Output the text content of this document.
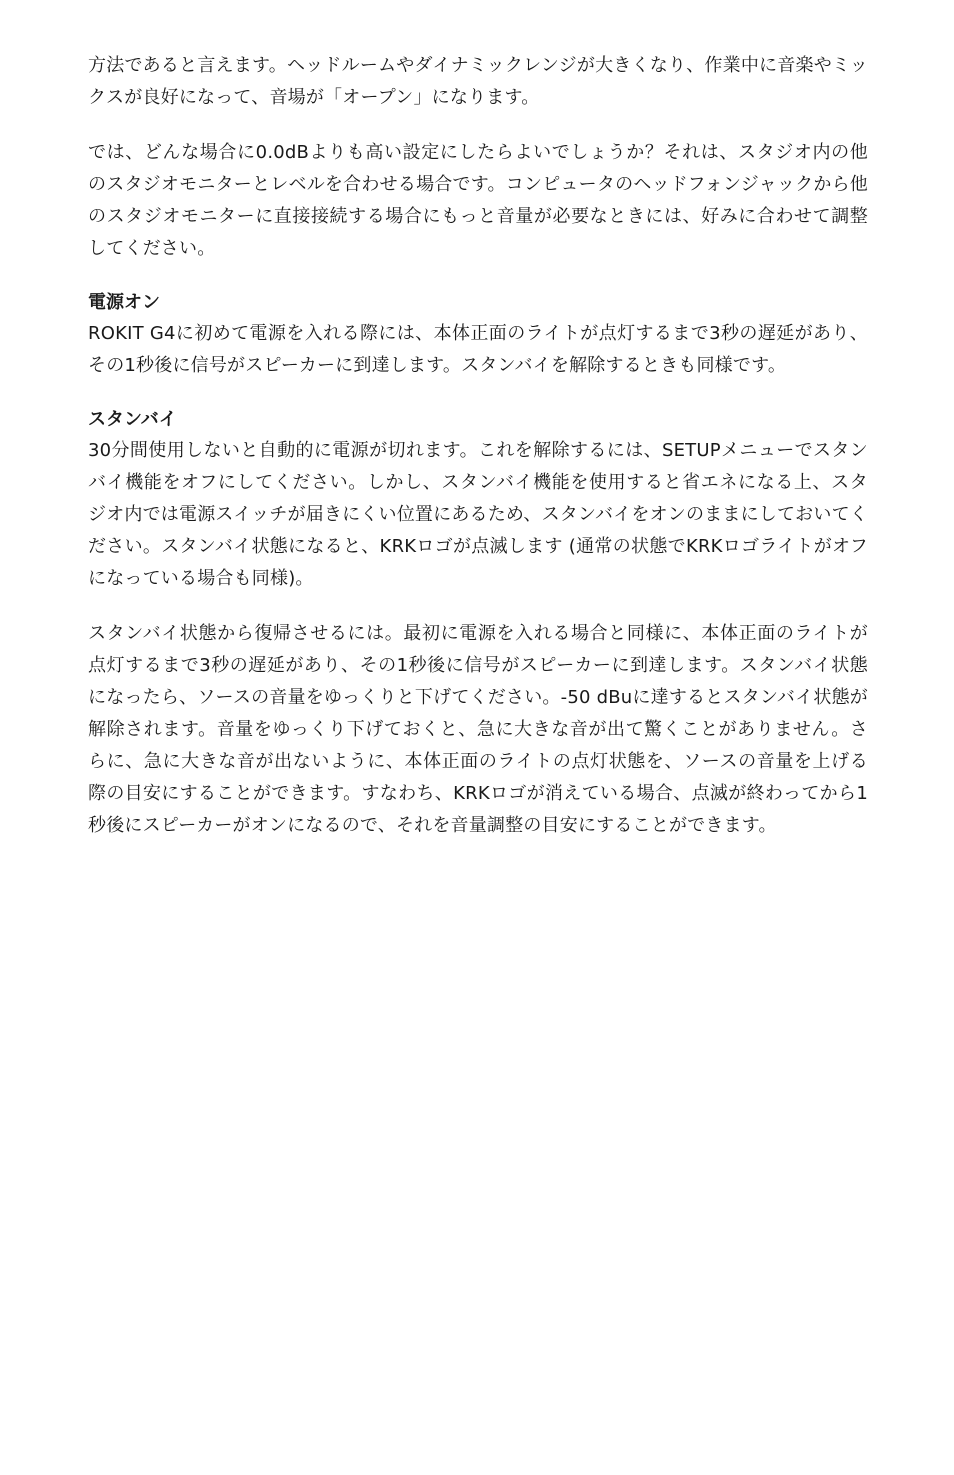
方法であると言えます。ヘッドルームやダイナミックレンジが大きくなり、作業中に音楽やミックスが良好になって、音場が「オープン」になります。

では、どんな場合に0.0dBよりも高い設定にしたらよいでしょうか？それは、スタジオ内の他のスタジオモニターとレベルを合わせる場合です。コンピュータのヘッドフォンジャックから他のスタジオモニターに直接接続する場合にもっと音量が必要なときには、好みに合わせて調整してください。

電源オン

ROKIT G4に初めて電源を入れる際には、本体正面のライトが点灯するまで3秒の遅延があり、その1秒後に信号がスピーカーに到達します。スタンバイを解除するときも同様です。

スタンバイ

30分間使用しないと自動的に電源が切れます。これを解除するには、SETUPメニューでスタンバイ機能をオフにしてください。しかし、スタンバイ機能を使用すると省エネになる上、スタジオ内では電源スイッチが届きにくい位置にあるため、スタンバイをオンのままにしておいてください。スタンバイ状態になると、KRKロゴが点滅します (通常の状態でKRKロゴライトがオフになっている場合も同様)。

スタンバイ状態から復帰させるには。最初に電源を入れる場合と同様に、本体正面のライトが点灯するまで3秒の遅延があり、その1秒後に信号がスピーカーに到達します。スタンバイ状態になったら、ソースの音量をゆっくりと下げてください。-50 dBuに達するとスタンバイ状態が解除されます。音量をゆっくり下げておくと、急に大きな音が出て驚くことがありません。さらに、急に大きな音が出ないように、本体正面のライトの点灯状態を、ソースの音量を上げる際の目安にすることができます。すなわち、KRKロゴが消えている場合、点滅が終わってから1秒後にスピーカーがオンになるので、それを音量調整の目安にすることができます。
